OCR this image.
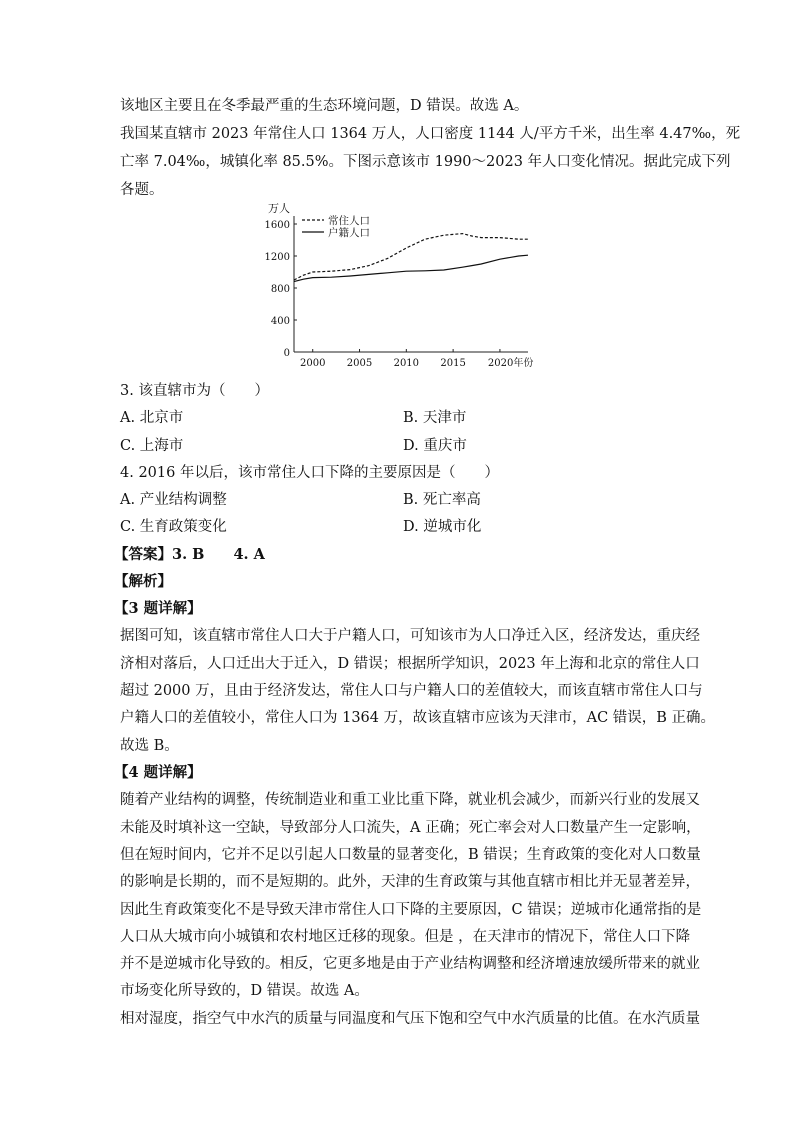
该地区主要且在冬季最严重的生态环境问题，D 错误。故选 A。
我国某直辖市 2023 年常住人口 1364 万人，人口密度 1144 人/平方千米，出生率 4.47‰，死
亡率 7.04‰，城镇化率 85.5%。下图示意该市 1990～2023 年人口变化情况。据此完成下列
各题。
万人
0
400
800
1200
1600
2000 2005 2010 2015 2020年份
常住人口
户籍人口
3. 该直辖市为（　　）
A. 北京市	B. 天津市
C. 上海市	D. 重庆市
4. 2016 年以后，该市常住人口下降的主要原因是（　　）
A. 产业结构调整	B. 死亡率高
C. 生育政策变化	D. 逆城市化
【答案】3. B　　4. A
【解析】
【3 题详解】
据图可知，该直辖市常住人口大于户籍人口，可知该市为人口净迁入区，经济发达，重庆经
济相对落后，人口迁出大于迁入，D 错误；根据所学知识，2023 年上海和北京的常住人口
超过 2000 万，且由于经济发达，常住人口与户籍人口的差值较大，而该直辖市常住人口与
户籍人口的差值较小，常住人口为 1364 万，故该直辖市应该为天津市，AC 错误，B 正确。
故选 B。
【4 题详解】
随着产业结构的调整，传统制造业和重工业比重下降，就业机会减少，而新兴行业的发展又
未能及时填补这一空缺，导致部分人口流失，A 正确；死亡率会对人口数量产生一定影响，
但在短时间内，它并不足以引起人口数量的显著变化，B 错误；生育政策的变化对人口数量
的影响是长期的，而不是短期的。此外，天津的生育政策与其他直辖市相比并无显著差异，
因此生育政策变化不是导致天津市常住人口下降的主要原因，C 错误；逆城市化通常指的是
人口从大城市向小城镇和农村地区迁移的现象。但是 ，在天津市的情况下，常住人口下降
并不是逆城市化导致的。相反，它更多地是由于产业结构调整和经济增速放缓所带来的就业
市场变化所导致的，D 错误。故选 A。
相对湿度，指空气中水汽的质量与同温度和气压下饱和空气中水汽质量的比值。在水汽质量
